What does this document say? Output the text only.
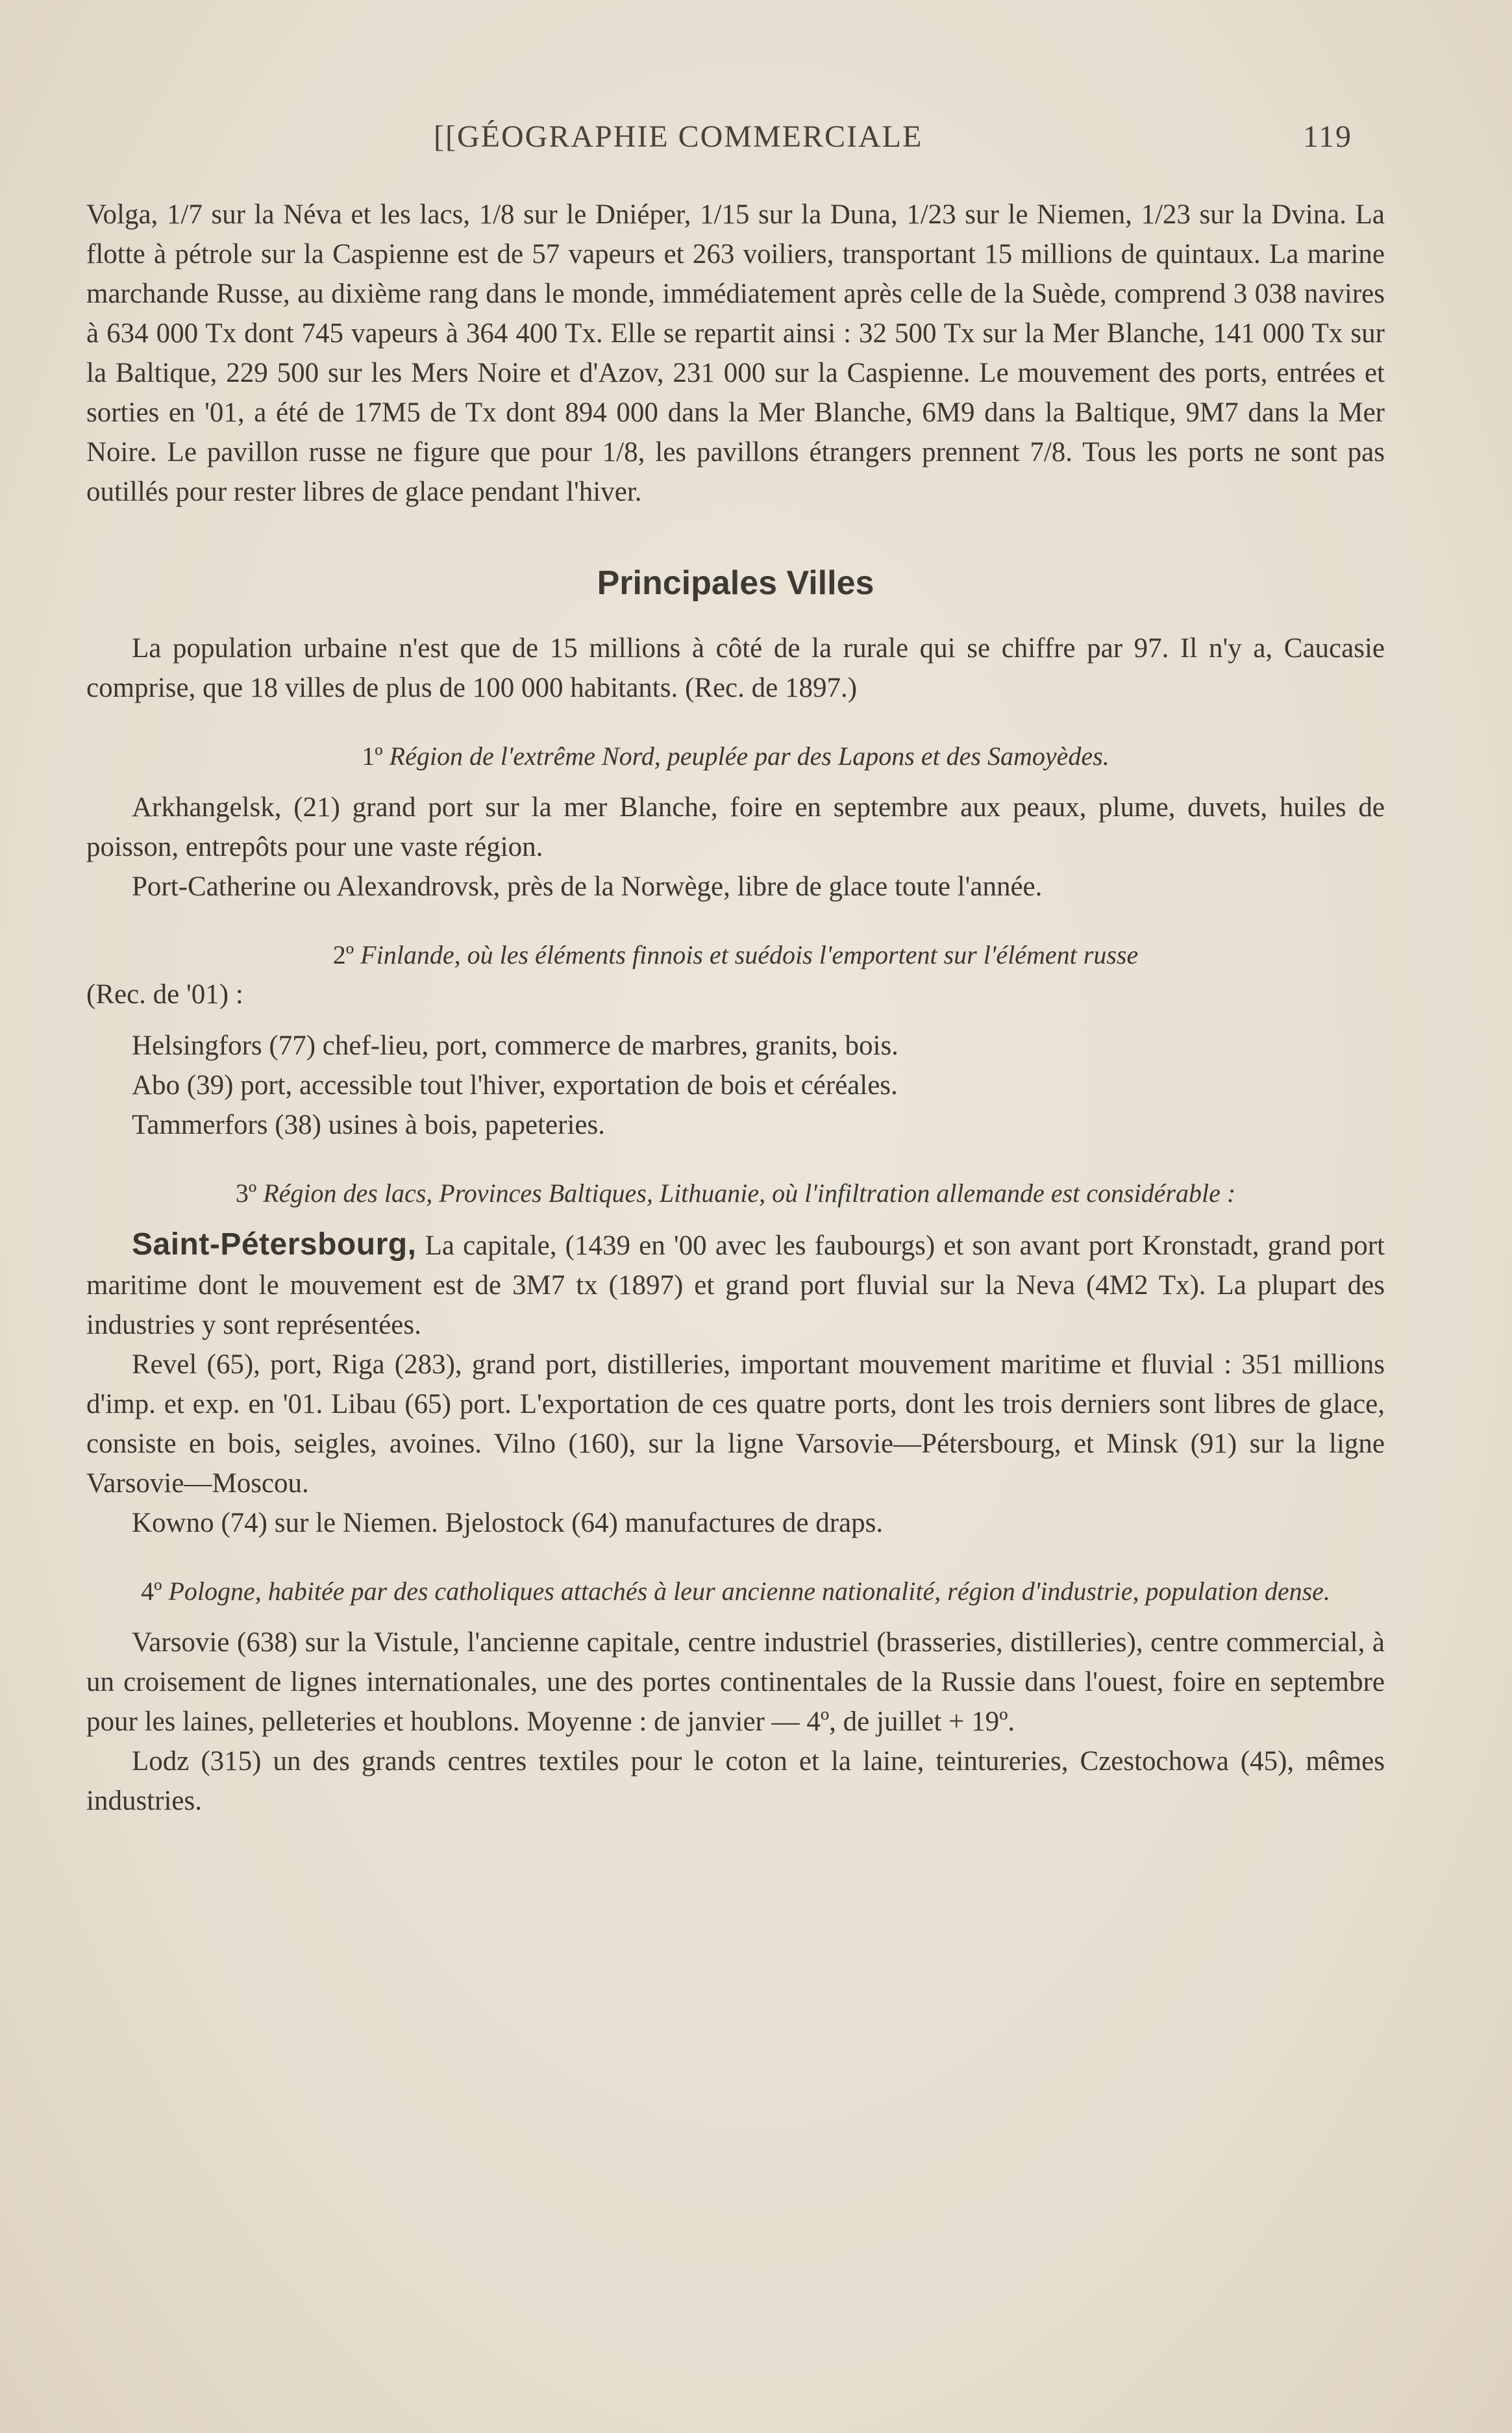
[[GÉOGRAPHIE COMMERCIALE	119

Volga, 1/7 sur la Néva et les lacs, 1/8 sur le Dniéper, 1/15 sur la Duna, 1/23 sur le Niemen, 1/23 sur la Dvina. La flotte à pétrole sur la Caspienne est de 57 vapeurs et 263 voiliers, transportant 15 millions de quintaux. La marine marchande Russe, au dixième rang dans le monde, immédiatement après celle de la Suède, comprend 3 038 navires à 634 000 Tx dont 745 vapeurs à 364 400 Tx. Elle se repartit ainsi : 32 500 Tx sur la Mer Blanche, 141 000 Tx sur la Baltique, 229 500 sur les Mers Noire et d'Azov, 231 000 sur la Caspienne. Le mouvement des ports, entrées et sorties en '01, a été de 17M5 de Tx dont 894 000 dans la Mer Blanche, 6M9 dans la Baltique, 9M7 dans la Mer Noire. Le pavillon russe ne figure que pour 1/8, les pavillons étrangers prennent 7/8. Tous les ports ne sont pas outillés pour rester libres de glace pendant l'hiver.

Principales Villes

La population urbaine n'est que de 15 millions à côté de la rurale qui se chiffre par 97. Il n'y a, Caucasie comprise, que 18 villes de plus de 100 000 habitants. (Rec. de 1897.)

1º Région de l'extrême Nord, peuplée par des Lapons et des Samoyèdes.

Arkhangelsk, (21) grand port sur la mer Blanche, foire en septembre aux peaux, plume, duvets, huiles de poisson, entrepôts pour une vaste région.

Port-Catherine ou Alexandrovsk, près de la Norwège, libre de glace toute l'année.

2º Finlande, où les éléments finnois et suédois l'emportent sur l'élément russe

(Rec. de '01) :

Helsingfors (77) chef-lieu, port, commerce de marbres, granits, bois.

Abo (39) port, accessible tout l'hiver, exportation de bois et céréales.

Tammerfors (38) usines à bois, papeteries.

3º Région des lacs, Provinces Baltiques, Lithuanie, où l'infiltration allemande est considérable :

Saint-Pétersbourg, La capitale, (1439 en '00 avec les faubourgs) et son avant port Kronstadt, grand port maritime dont le mouvement est de 3M7 tx (1897) et grand port fluvial sur la Neva (4M2 Tx). La plupart des industries y sont représentées.

Revel (65), port, Riga (283), grand port, distilleries, important mouvement maritime et fluvial : 351 millions d'imp. et exp. en '01. Libau (65) port. L'exportation de ces quatre ports, dont les trois derniers sont libres de glace, consiste en bois, seigles, avoines. Vilno (160), sur la ligne Varsovie—Pétersbourg, et Minsk (91) sur la ligne Varsovie—Moscou.

Kowno (74) sur le Niemen. Bjelostock (64) manufactures de draps.

4º Pologne, habitée par des catholiques attachés à leur ancienne nationalité, région d'industrie, population dense.

Varsovie (638) sur la Vistule, l'ancienne capitale, centre industriel (brasseries, distilleries), centre commercial, à un croisement de lignes internationales, une des portes continentales de la Russie dans l'ouest, foire en septembre pour les laines, pelleteries et houblons. Moyenne : de janvier — 4º, de juillet + 19º.

Lodz (315) un des grands centres textiles pour le coton et la laine, teintureries, Czestochowa (45), mêmes industries.
